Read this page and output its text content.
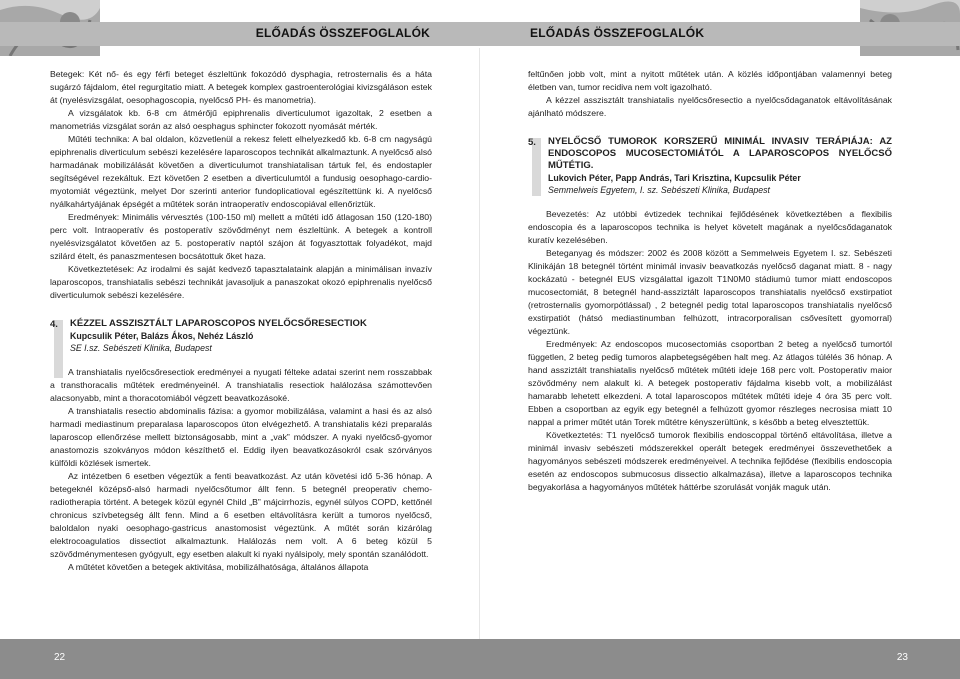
ELŐADÁS ÖSSZEFOGLALÓK

Betegek: Két nő- és egy férfi beteget észleltünk fokozódó dysphagia, retrosternalis és a háta sugárzó fájdalom, étel regurgitatio miatt. A betegek komplex gastroenterológiai kivizsgáláson estek át (nyelésvizsgálat, oesophagoscopia, nyelőcső PH- és manometria).

A vizsgálatok kb. 6-8 cm átmérőjű epiphrenalis diverticulumot igazoltak, 2 esetben a manometriás vizsgálat során az alsó oesphagus sphincter fokozott nyomását mérték.

Műtéti technika: A bal oldalon, közvetlenül a rekesz felett elhelyezkedő kb. 6-8 cm nagyságú epiphrenalis diverticulum sebészi kezelésére laparoscopos technikát alkalmaztunk. A nyelőcső alsó harmadának mobilizálását követően a diverticulumot transhiatalisan tártuk fel, és endostapler segítségével rezekáltuk. Ezt követően 2 esetben a diverticulumtól a fundusig oesophago-cardio-myotomiát végeztünk, melyet Dor szerinti anterior fundoplicatioval egészítettünk ki. A nyelőcső nyálkahártyájának épségét a műtétek során intraoperatív endoscopiával ellenőriztük.

Eredmények: Minimális vérvesztés (100-150 ml) mellett a műtéti idő átlagosan 150 (120-180) perc volt. Intraoperatív és postoperatív szövődményt nem észleltünk. A betegek a kontroll nyelésvizsgálatot követően az 5. postoperatív naptól szájon át fogyasztottak folyadékot, majd szilárd ételt, és panaszmentesen bocsátottuk őket haza.

Következtetések: Az irodalmi és saját kedvező tapasztalataink alapján a minimálisan invazív laparoscopos, transhiatalis sebészi technikát javasoljuk a panaszokat okozó epiphrenalis nyelőcső diverticulumok sebészi kezelésére.

4. KÉZZEL ASSZISZTÁLT LAPAROSCOPOS NYELŐCSŐRESECTIOK
Kupcsulik Péter, Balázs Ákos, Nehéz László
SE I.sz. Sebészeti Klinika, Budapest

A transhiatalis nyelőcsőresectiok eredményei a nyugati félteke adatai szerint nem rosszabbak a transthoracalis műtétek eredményeinél. A transhiatalis resectiok halálozása számottevően alacsonyabb, mint a thoracotomiából végzett beavatkozásoké.

A transhiatalis resectio abdominalis fázisa: a gyomor mobilizálása, valamint a hasi és az alsó harmadi mediastinum preparalasa laparoscopos úton elvégezhető. A transhiatalis kézi preparalás laparoscop ellenőrzése mellett biztonságosabb, mint a „vak” módszer. A nyaki nyelőcső-gyomor anastomozis szokványos módon készíthető el. Eddig ilyen beavatkozásokról csak szórványos külföldi közlések ismertek.

Az intézetben 6 esetben végeztük a fenti beavatkozást. Az után követési idő 5-36 hónap. A betegeknél középső-alsó harmadi nyelőcsőtumor állt fenn. 5 betegnél preoperativ chemo-radiotherapia történt. A betegek közül egynél Child „B” májcirrhozis, egynél súlyos COPD, kettőnél chronicus szívbetegség állt fenn. Mind a 6 esetben eltávolításra került a tumoros nyelőcső, baloldalon nyaki oesophago-gastricus anastomosist végeztünk. A műtét során kizárólag elektrocoagulatios dissectiot alkalmaztunk. Halálozás nem volt. A 6 beteg közül 5 szövődménymentesen gyógyult, egy esetben alakult ki nyaki nyálsipoly, mely spontán szanálódott.

A műtétet követően a betegek aktivitása, mobilizálhatósága, általános állapota

22
ELŐADÁS ÖSSZEFOGLALÓK

feltűnően jobb volt, mint a nyitott műtétek után. A közlés időpontjában valamennyi beteg életben van, tumor recidiva nem volt igazolható.

A kézzel asszisztált transhiatalis nyelőcsőresectio a nyelőcsődaganatok eltávolításának ajánlható módszere.

5. NYELŐCSŐ TUMOROK KORSZERŰ MINIMÁL INVASIV TERÁPIÁJA: AZ ENDOSCOPOS MUCOSECTOMIÁTÓL A LAPAROSCOPOS NYELŐCSŐ MŰTÉTIG.
Lukovich Péter, Papp András, Tari Krisztina, Kupcsulik Péter
Semmelweis Egyetem, I. sz. Sebészeti Klinika, Budapest

Bevezetés: Az utóbbi évtizedek technikai fejlődésének következtében a flexibilis endoscopia és a laparoscopos technika is helyet követelt magának a nyelőcsődaganatok kuratív kezelésében.

Beteganyag és módszer: 2002 és 2008 között a Semmelweis Egyetem I. sz. Sebészeti Klinikáján 18 betegnél történt minimál invasiv beavatkozás nyelőcső daganat miatt. 8 - nagy kockázatú - betegnél EUS vizsgálattal igazolt T1N0M0 stádiumú tumor miatt endoscopos mucosectomiát, 8 betegnél hand-assziztált laparoscopos transhiatalis nyelőcső exstirpatiot (retrosternalis gyomorpótlással) , 2 betegnél pedig total laparoscopos transhiatalis nyelőcső exstirpatiót (hátsó mediastinumban felhúzott, intracorporalisan csővesített gyomorral) végeztünk.

Eredmények: Az endoscopos mucosectomiás csoportban 2 beteg a nyelőcső tumortól független, 2 beteg pedig tumoros alapbetegségében halt meg. Az átlagos túlélés 36 hónap. A hand assziztált transhiatalis nyelőcső műtétek műtéti ideje 168 perc volt. Postoperativ maior szövődmény nem alakult ki. A betegek postoperativ fájdalma kisebb volt, a mobilizálást hamarabb lehetett elkezdeni. A total laparoscopos műtétek műtéti ideje 4 óra 35 perc volt. Ebben a csoportban az egyik egy betegnél a felhúzott gyomor részleges necrosisa miatt 10 nappal a primer műtét után Torek műtétre kényszerültünk, s később a beteg elvesztettük.

Következtetés: T1 nyelőcső tumorok flexibilis endoscoppal történő eltávolítása, illetve a minimál invasiv sebészeti módszerekkel operált betegek eredményei összevethetőek a hagyományos sebészeti módszerek eredményeivel. A technika fejlődése (flexibilis endoscopia esetén az endoscopos submucosus dissectio alkalmazása), illetve a laparoscopos technika begyakorlása a hagyományos műtétek háttérbe szorulását vonják maguk után.

23
